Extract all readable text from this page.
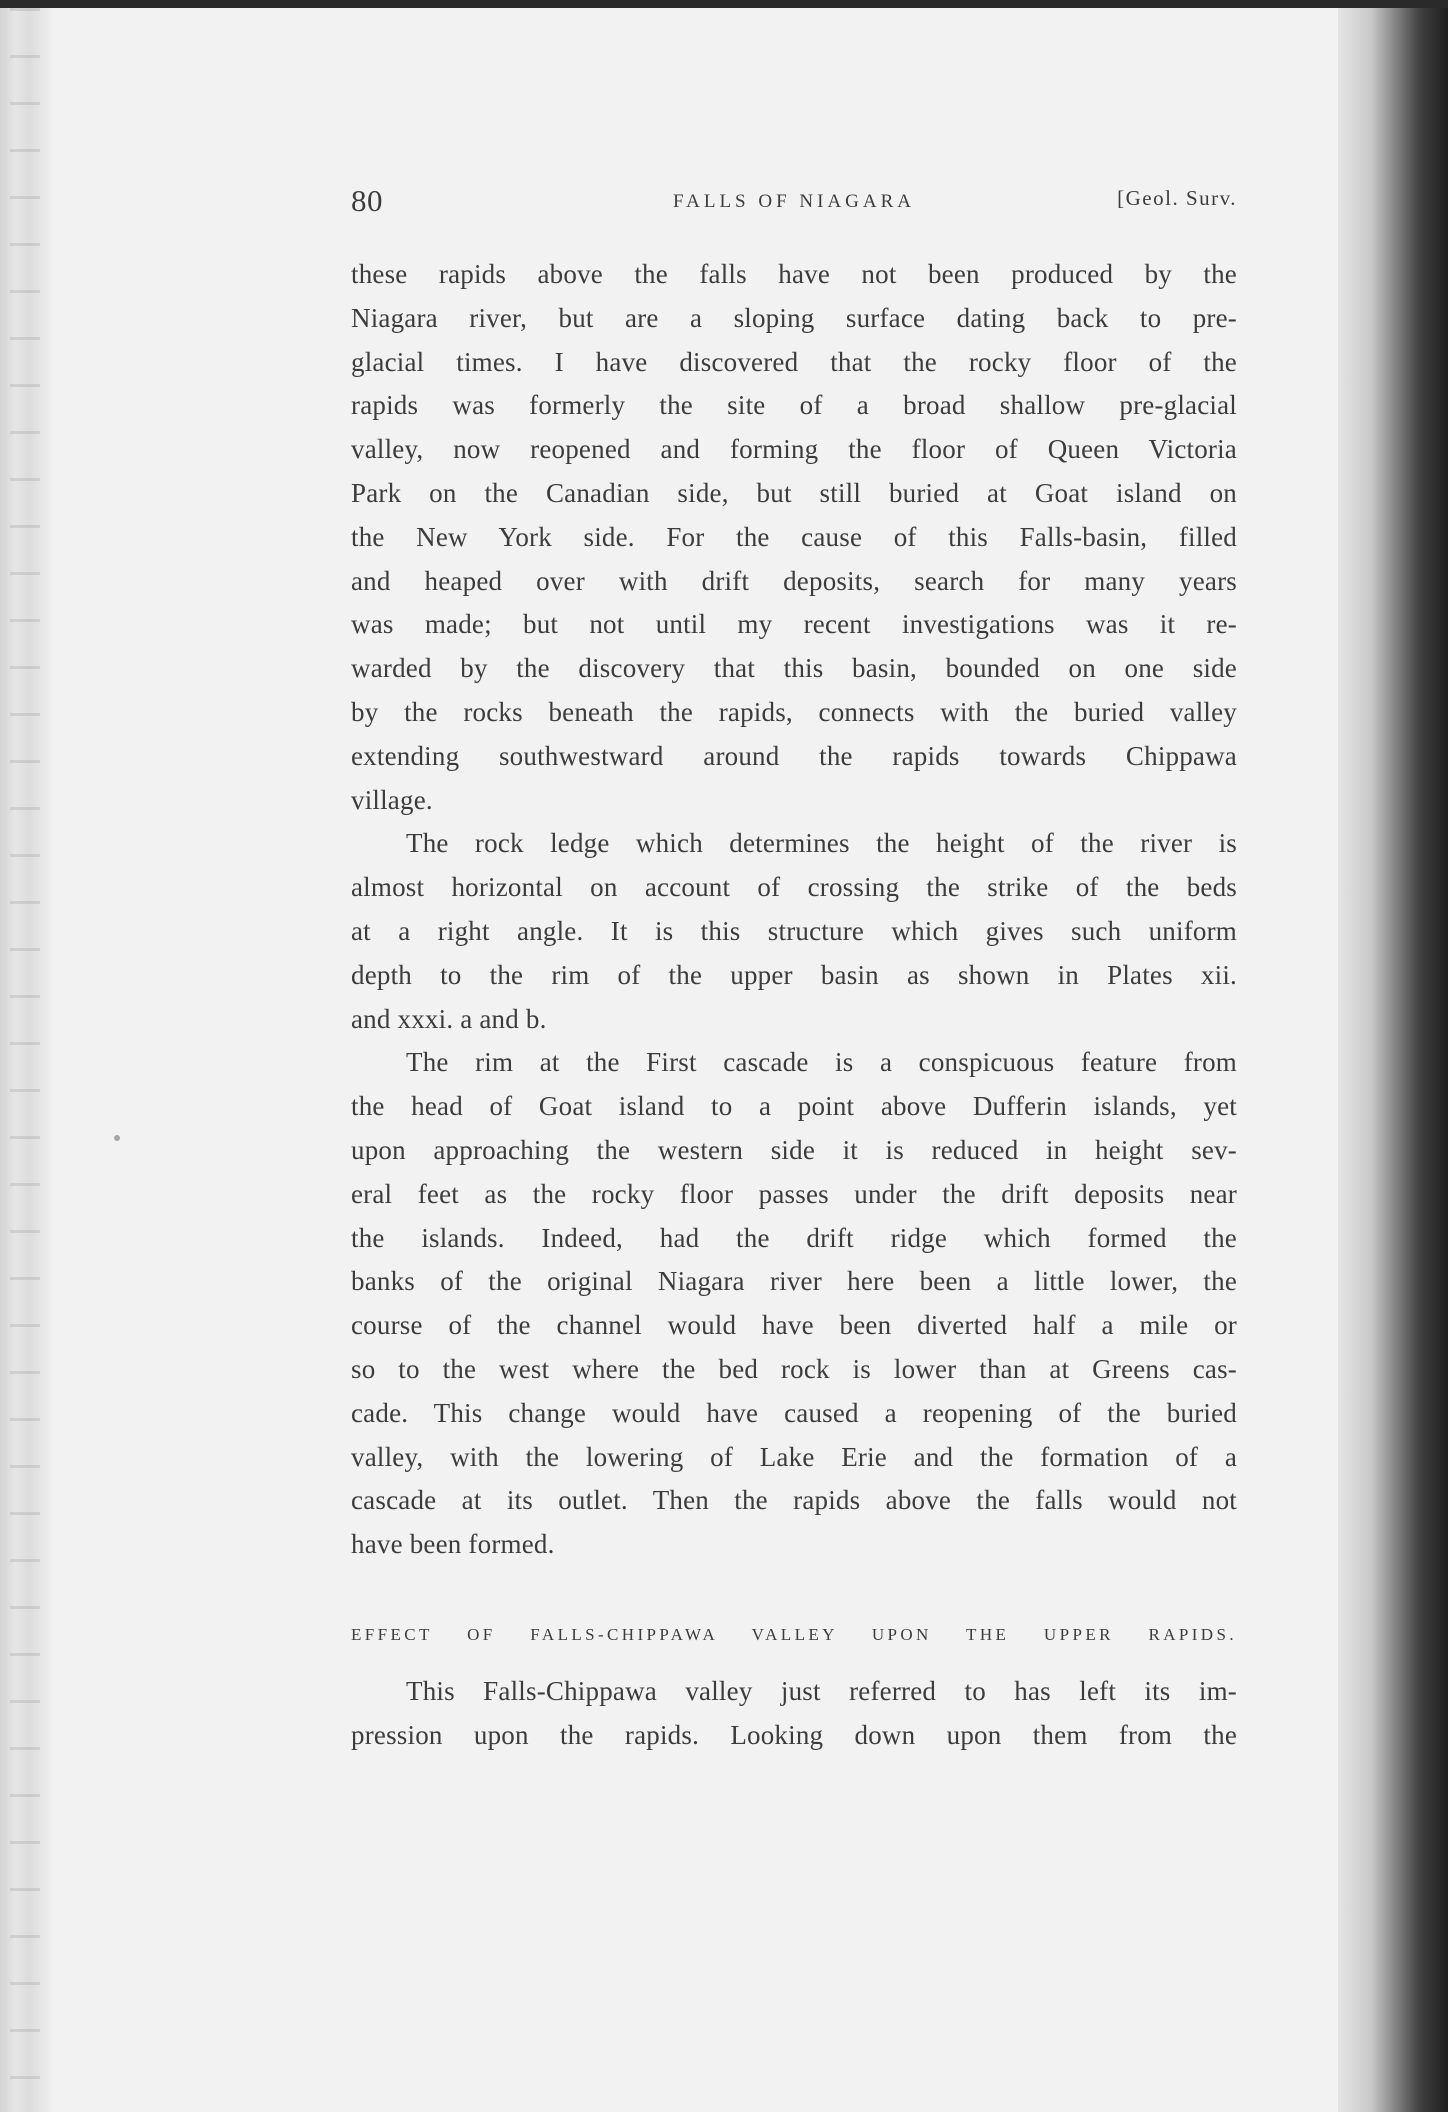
80	FALLS OF NIAGARA	[Geol. Surv.
these rapids above the falls have not been produced by the
Niagara river, but are a sloping surface dating back to pre-
glacial times. I have discovered that the rocky floor of the
rapids was formerly the site of a broad shallow pre-glacial
valley, now reopened and forming the floor of Queen Victoria
Park on the Canadian side, but still buried at Goat island on
the New York side. For the cause of this Falls-basin, filled
and heaped over with drift deposits, search for many years
was made; but not until my recent investigations was it re-
warded by the discovery that this basin, bounded on one side
by the rocks beneath the rapids, connects with the buried valley
extending southwestward around the rapids towards Chippawa
village.
The rock ledge which determines the height of the river is
almost horizontal on account of crossing the strike of the beds
at a right angle. It is this structure which gives such uniform
depth to the rim of the upper basin as shown in Plates xii.
and xxxi. a and b.
The rim at the First cascade is a conspicuous feature from
the head of Goat island to a point above Dufferin islands, yet
upon approaching the western side it is reduced in height sev-
eral feet as the rocky floor passes under the drift deposits near
the islands. Indeed, had the drift ridge which formed the
banks of the original Niagara river here been a little lower, the
course of the channel would have been diverted half a mile or
so to the west where the bed rock is lower than at Greens cas-
cade. This change would have caused a reopening of the buried
valley, with the lowering of Lake Erie and the formation of a
cascade at its outlet. Then the rapids above the falls would not
have been formed.
EFFECT OF FALLS-CHIPPAWA VALLEY UPON THE UPPER RAPIDS.
This Falls-Chippawa valley just referred to has left its im-
pression upon the rapids. Looking down upon them from the
